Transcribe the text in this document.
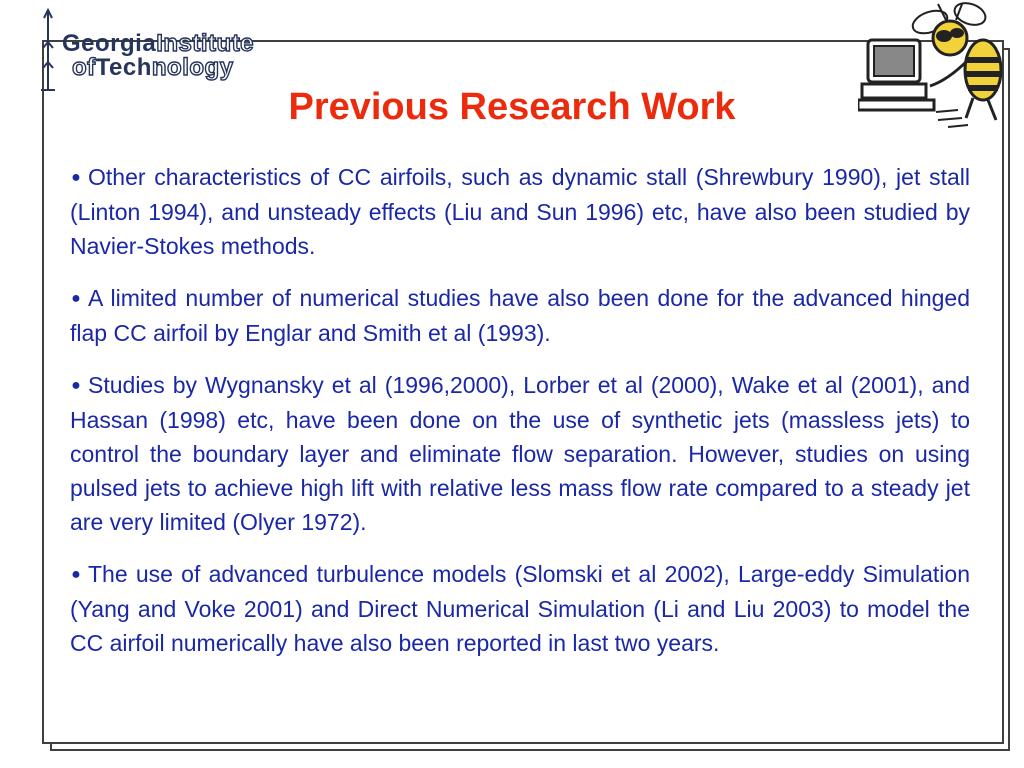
GeorgiaInstitute
ofTechnology
Previous Research Work

● Other characteristics of CC airfoils, such as dynamic stall (Shrewbury 1990), jet stall (Linton 1994), and unsteady effects (Liu and Sun 1996) etc, have also been studied by Navier-Stokes methods.

● A limited number of numerical studies have also been done for the advanced hinged flap CC airfoil by Englar and Smith et al (1993).

● Studies by Wygnansky et al (1996,2000), Lorber et al (2000), Wake et al (2001), and Hassan (1998) etc, have been done on the use of synthetic jets (massless jets) to control the boundary layer and eliminate flow separation. However, studies on using pulsed jets to achieve high lift with relative less mass flow rate compared to a steady jet are very limited (Olyer 1972).

● The use of advanced turbulence models (Slomski et al 2002), Large-eddy Simulation (Yang and Voke 2001) and Direct Numerical Simulation (Li and Liu 2003) to model the CC airfoil numerically have also been reported in last two years.
